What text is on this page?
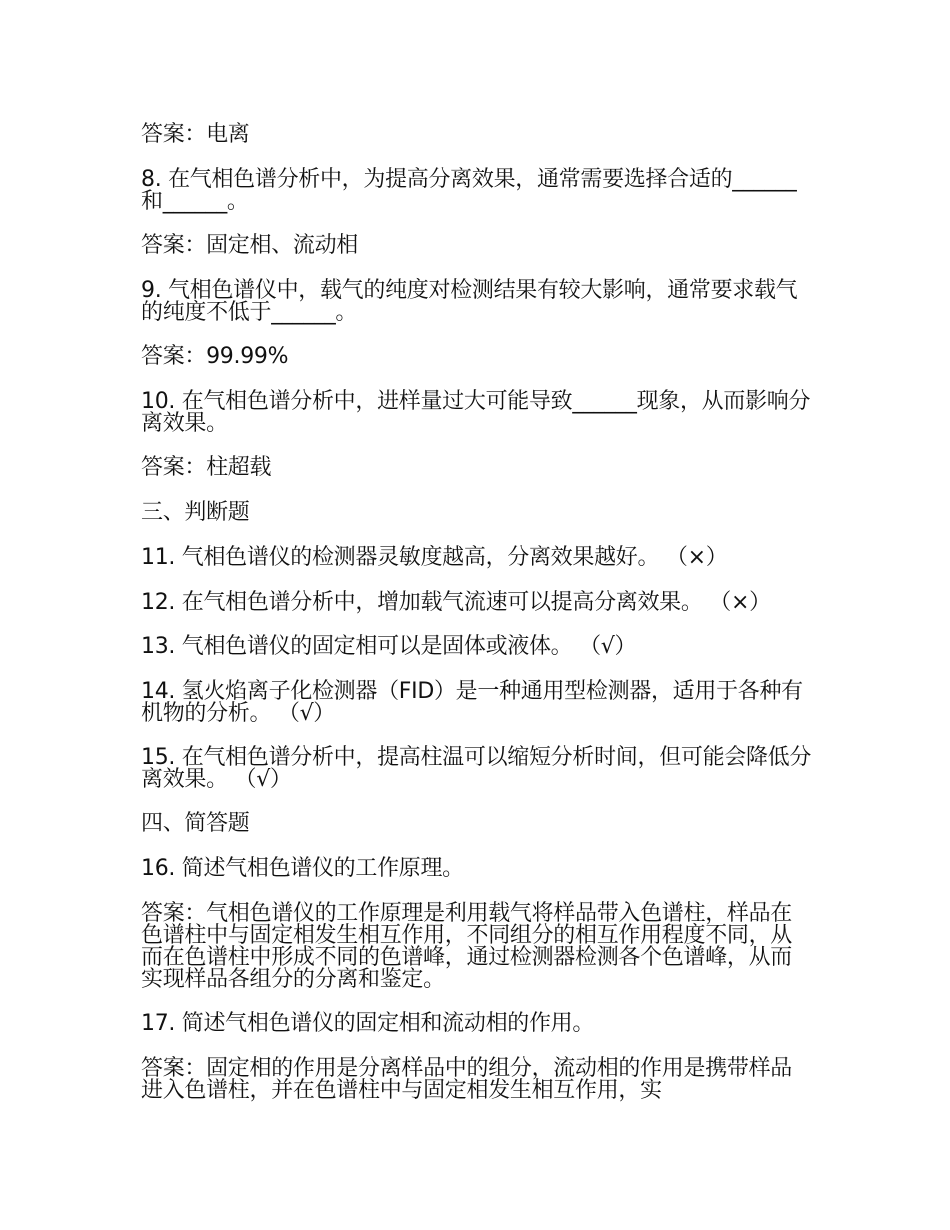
答案：电离

8. 在气相色谱分析中，为提高分离效果，通常需要选择合适的______和______。

答案：固定相、流动相

9. 气相色谱仪中，载气的纯度对检测结果有较大影响，通常要求载气的纯度不低于______。

答案：99.99%

10. 在气相色谱分析中，进样量过大可能导致______现象，从而影响分离效果。

答案：柱超载

三、判断题

11. 气相色谱仪的检测器灵敏度越高，分离效果越好。 （×）

12. 在气相色谱分析中，增加载气流速可以提高分离效果。 （×）

13. 气相色谱仪的固定相可以是固体或液体。 （√）

14. 氢火焰离子化检测器（FID）是一种通用型检测器，适用于各种有机物的分析。 （√）

15. 在气相色谱分析中，提高柱温可以缩短分析时间，但可能会降低分离效果。 （√）

四、简答题

16. 简述气相色谱仪的工作原理。

答案：气相色谱仪的工作原理是利用载气将样品带入色谱柱，样品在色谱柱中与固定相发生相互作用，不同组分的相互作用程度不同，从而在色谱柱中形成不同的色谱峰，通过检测器检测各个色谱峰，从而实现样品各组分的分离和鉴定。

17. 简述气相色谱仪的固定相和流动相的作用。

答案：固定相的作用是分离样品中的组分，流动相的作用是携带样品进入色谱柱，并在色谱柱中与固定相发生相互作用，实
